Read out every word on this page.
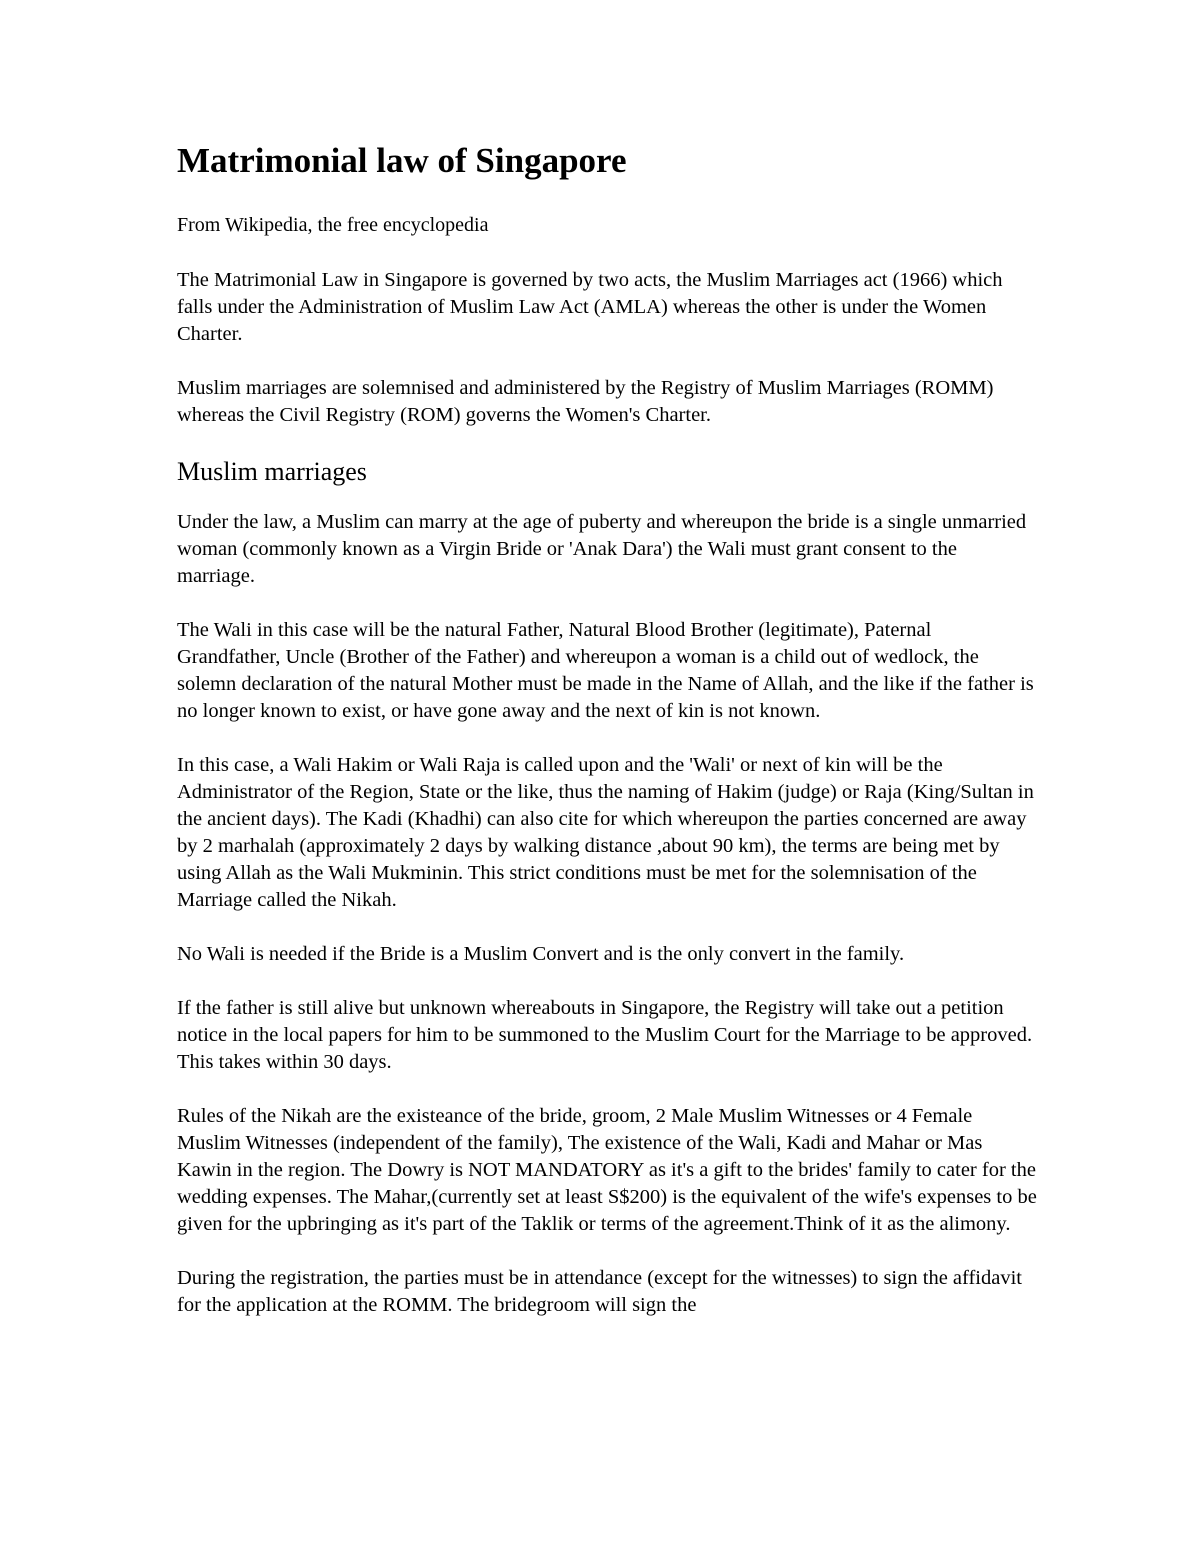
Matrimonial law of Singapore
From Wikipedia, the free encyclopedia

The Matrimonial Law in Singapore is governed by two acts, the Muslim Marriages act (1966) which falls under the Administration of Muslim Law Act (AMLA) whereas the other is under the Women Charter.

Muslim marriages are solemnised and administered by the Registry of Muslim Marriages (ROMM) whereas the Civil Registry (ROM) governs the Women's Charter.

Muslim marriages

Under the law, a Muslim can marry at the age of puberty and whereupon the bride is a single unmarried woman (commonly known as a Virgin Bride or 'Anak Dara') the Wali must grant consent to the marriage.

The Wali in this case will be the natural Father, Natural Blood Brother (legitimate), Paternal Grandfather, Uncle (Brother of the Father) and whereupon a woman is a child out of wedlock, the solemn declaration of the natural Mother must be made in the Name of Allah, and the like if the father is no longer known to exist, or have gone away and the next of kin is not known.

In this case, a Wali Hakim or Wali Raja is called upon and the 'Wali' or next of kin will be the Administrator of the Region, State or the like, thus the naming of Hakim (judge) or Raja (King/Sultan in the ancient days). The Kadi (Khadhi) can also cite for which whereupon the parties concerned are away by 2 marhalah (approximately 2 days by walking distance ,about 90 km), the terms are being met by using Allah as the Wali Mukminin. This strict conditions must be met for the solemnisation of the Marriage called the Nikah.

No Wali is needed if the Bride is a Muslim Convert and is the only convert in the family.

If the father is still alive but unknown whereabouts in Singapore, the Registry will take out a petition notice in the local papers for him to be summoned to the Muslim Court for the Marriage to be approved. This takes within 30 days.

Rules of the Nikah are the existeance of the bride, groom, 2 Male Muslim Witnesses or 4 Female Muslim Witnesses (independent of the family), The existence of the Wali, Kadi and Mahar or Mas Kawin in the region. The Dowry is NOT MANDATORY as it's a gift to the brides' family to cater for the wedding expenses. The Mahar,(currently set at least S$200) is the equivalent of the wife's expenses to be given for the upbringing as it's part of the Taklik or terms of the agreement.Think of it as the alimony.

During the registration, the parties must be in attendance (except for the witnesses) to sign the affidavit for the application at the ROMM. The bridegroom will sign the
